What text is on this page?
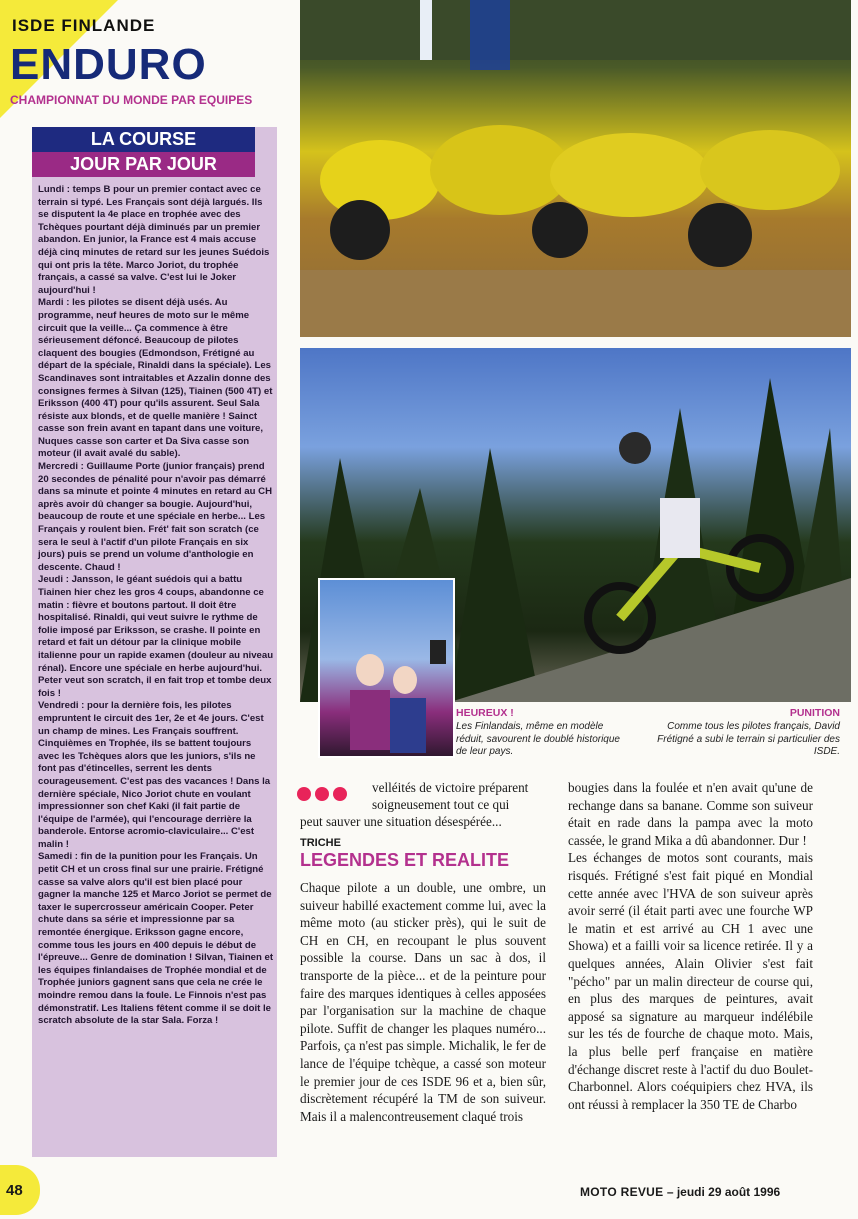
ISDE FINLANDE
ENDURO
CHAMPIONNAT DU MONDE PAR EQUIPES
LA COURSE
JOUR PAR JOUR

Lundi : temps B pour un premier contact avec ce terrain si typé. Les Français sont déjà largués. Ils se disputent la 4e place en trophée avec des Tchèques pourtant déjà diminués par un premier abandon. En junior, la France est 4 mais accuse déjà cinq minutes de retard sur les jeunes Suédois qui ont pris la tête. Marco Joriot, du trophée français, a cassé sa valve. C'est lui le Joker aujourd'hui !

Mardi : les pilotes se disent déjà usés. Au programme, neuf heures de moto sur le même circuit que la veille... Ça commence à être sérieusement défoncé. Beaucoup de pilotes claquent des bougies (Edmondson, Frétigné au départ de la spéciale, Rinaldi dans la spéciale). Les Scandinaves sont intraitables et Azzalin donne des consignes fermes à Silvan (125), Tiainen (500 4T) et Eriksson (400 4T) pour qu'ils assurent. Seul Sala résiste aux blonds, et de quelle manière ! Sainct casse son frein avant en tapant dans une voiture, Nuques casse son carter et Da Siva casse son moteur (il avait avalé du sable).

Mercredi : Guillaume Porte (junior français) prend 20 secondes de pénalité pour n'avoir pas démarré dans sa minute et pointe 4 minutes en retard au CH après avoir dû changer sa bougie. Aujourd'hui, beaucoup de route et une spéciale en herbe... Les Français y roulent bien. Frét' fait son scratch (ce sera le seul à l'actif d'un pilote Français en six jours) puis se prend un volume d'anthologie en descente. Chaud !

Jeudi : Jansson, le géant suédois qui a battu Tiainen hier chez les gros 4 coups, abandonne ce matin : fièvre et boutons partout. Il doit être hospitalisé. Rinaldi, qui veut suivre le rythme de folie imposé par Eriksson, se crashe. Il pointe en retard et fait un détour par la clinique mobile italienne pour un rapide examen (douleur au niveau rénal). Encore une spéciale en herbe aujourd'hui. Peter veut son scratch, il en fait trop et tombe deux fois !

Vendredi : pour la dernière fois, les pilotes empruntent le circuit des 1er, 2e et 4e jours. C'est un champ de mines. Les Français souffrent. Cinquièmes en Trophée, ils se battent toujours avec les Tchèques alors que les juniors, s'ils ne font pas d'étincelles, serrent les dents courageusement. C'est pas des vacances ! Dans la dernière spéciale, Nico Joriot chute en voulant impressionner son chef Kaki (il fait partie de l'équipe de l'armée), qui l'encourage derrière la banderole. Entorse acromio-claviculaire... C'est malin !

Samedi : fin de la punition pour les Français. Un petit CH et un cross final sur une prairie. Frétigné casse sa valve alors qu'il est bien placé pour gagner la manche 125 et Marco Joriot se permet de taxer le supercrosseur américain Cooper. Peter chute dans sa série et impressionne par sa remontée énergique. Eriksson gagne encore, comme tous les jours en 400 depuis le début de l'épreuve... Genre de domination ! Silvan, Tiainen et les équipes finlandaises de Trophée mondial et de Trophée juniors gagnent sans que cela ne crée le moindre remou dans la foule. Le Finnois n'est pas démonstratif. Les Italiens fêtent comme il se doit le scratch absolute de la star Sala. Forza !

HEUREUX !
Les Finlandais, même en modèle réduit, savourent le doublé historique de leur pays.
PUNITION
Comme tous les pilotes français, David Frétigné a subi le terrain si particulier des ISDE.
velléités de victoire préparent soigneusement tout ce qui
peut sauver une situation désespérée...
TRICHE
LEGENDES ET REALITE

Chaque pilote a un double, une ombre, un suiveur habillé exactement comme lui, avec la même moto (au sticker près), qui le suit de CH en CH, en recoupant le plus souvent possible la course. Dans un sac à dos, il transporte de la pièce... et de la peinture pour faire des marques identiques à celles apposées par l'organisation sur la machine de chaque pilote. Suffit de changer les plaques numéro... Parfois, ça n'est pas simple. Michalik, le fer de lance de l'équipe tchèque, a cassé son moteur le premier jour de ces ISDE 96 et a, bien sûr, discrètement récupéré la TM de son suiveur. Mais il a malencontreusement claqué trois

bougies dans la foulée et n'en avait qu'une de rechange dans sa banane. Comme son suiveur était en rade dans la pampa avec la moto cassée, le grand Mika a dû abandonner. Dur !

Les échanges de motos sont courants, mais risqués. Frétigné s'est fait piqué en Mondial cette année avec l'HVA de son suiveur après avoir serré (il était parti avec une fourche WP le matin et est arrivé au CH 1 avec une Showa) et a failli voir sa licence retirée. Il y a quelques années, Alain Olivier s'est fait "pécho" par un malin directeur de course qui, en plus des marques de peintures, avait apposé sa signature au marqueur indélébile sur les tés de fourche de chaque moto. Mais, la plus belle perf française en matière d'échange discret reste à l'actif du duo Boulet-Charbonnel. Alors coéquipiers chez HVA, ils ont réussi à remplacer la 350 TE de Charbo

48	MOTO REVUE – jeudi 29 août 1996
